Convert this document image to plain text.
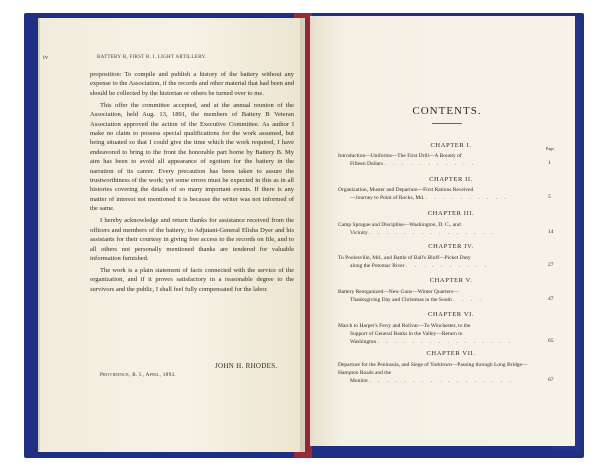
iv	BATTERY B, FIRST R. I. LIGHT ARTILLERY.

proposition: To compile and publish a history of the battery without any expense to the Association, if the records and other material that had been and should be collected by the historian or others be turned over to me.

This offer the committee accepted, and at the annual reunion of the Association, held Aug. 13, 1891, the members of Battery B Veteran Association approved the action of the Executive Committee. As author I make no claim to possess special qualifications for the work assumed, but being situated so that I could give the time which the work required, I have endeavored to bring to the front the honorable part borne by Battery B. My aim has been to avoid all appearance of egotism for the battery in the narration of its career. Every precaution has been taken to assure the trustworthiness of the work; yet some errors must be expected in this as in all histories covering the details of so many important events. If there is any matter of interest not mentioned it is because the writer was not informed of the same.

I hereby acknowledge and return thanks for assistance received from the officers and members of the battery; to Adjutant-General Elisha Dyer and his assistants for their courtesy in giving free access to the records on file, and to all others not personally mentioned thanks are tendered for valuable information furnished.

The work is a plain statement of facts connected with the service of the organization, and if it proves satisfactory in a reasonable degree to the survivors and the public, I shall feel fully compensated for the labor.

JOHN H. RHODES.
Providence, R. I., April, 1893.
CONTENTS.
Page.
CHAPTER I.
Introduction—Uniforms—The First Drill—A Bounty of
Fifteen Dollars . . . . . . . . . . .	1
CHAPTER II.
Organization, Muster and Departure—First Rations Received
—Journey to Point of Rocks, Md. . . . . . . . . . .	5
CHAPTER III.
Camp Sprague and Discipline—Washington, D. C., and
Vicinity . . . . . . . . . . . . . . .	14
CHAPTER IV.
To Poolesville, Md., and Battle of Ball's Bluff—Picket Duty
along the Potomac River . . . . . . . . . .	27
CHAPTER V.
Battery Reorganized—New Guns—Winter Quarters—
Thanksgiving Day and Christmas in the South . . . .	47
CHAPTER VI.
March to Harper's Ferry and Bolivar—To Winchester, to the
Support of General Banks in the Valley—Return to
Washington . . . . . . . . . . . . . . . .	65
CHAPTER VII.
Departure for the Peninsula, and Siege of Yorktown—Passing through Long Bridge—Hampton Roads and the
Monitor . . . . . . . . . . . . . . . . .	67
